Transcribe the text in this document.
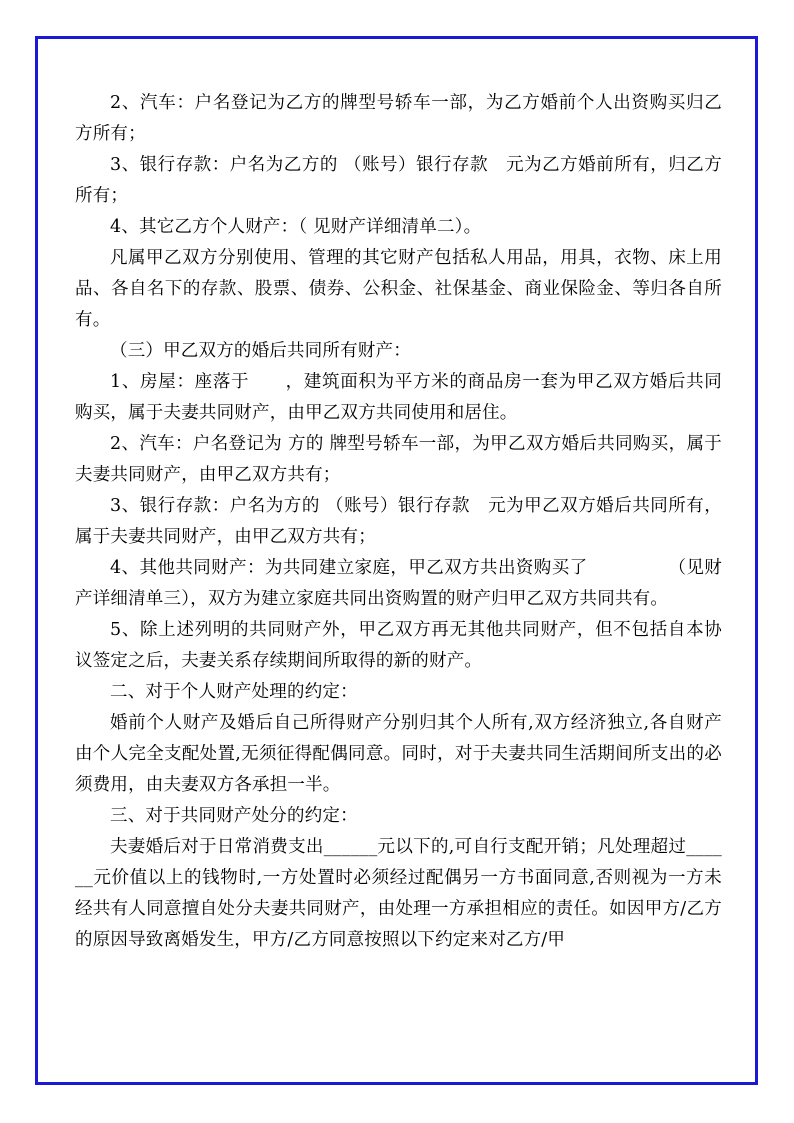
2、汽车：户名登记为乙方的牌型号轿车一部，为乙方婚前个人出资购买归乙方所有；

3、银行存款：户名为乙方的 （账号）银行存款　元为乙方婚前所有，归乙方所有；

4、其它乙方个人财产：（ 见财产详细清单二）。

凡属甲乙双方分别使用、管理的其它财产包括私人用品，用具，衣物、床上用品、各自名下的存款、股票、债券、公积金、社保基金、商业保险金、等归各自所有。

（三）甲乙双方的婚后共同所有财产：

1、房屋：座落于　　，建筑面积为平方米的商品房一套为甲乙双方婚后共同购买，属于夫妻共同财产，由甲乙双方共同使用和居住。

2、汽车：户名登记为 方的 牌型号轿车一部，为甲乙双方婚后共同购买，属于夫妻共同财产，由甲乙双方共有；

3、银行存款：户名为方的 （账号）银行存款　元为甲乙双方婚后共同所有，属于夫妻共同财产，由甲乙双方共有；

4、其他共同财产：为共同建立家庭，甲乙双方共出资购买了　　　　　（见财产详细清单三），双方为建立家庭共同出资购置的财产归甲乙双方共同共有。

5、除上述列明的共同财产外，甲乙双方再无其他共同财产，但不包括自本协议签定之后，夫妻关系存续期间所取得的新的财产。

二、对于个人财产处理的约定：

婚前个人财产及婚后自己所得财产分别归其个人所有,双方经济独立,各自财产由个人完全支配处置,无须征得配偶同意。同时，对于夫妻共同生活期间所支出的必须费用，由夫妻双方各承担一半。

三、对于共同财产处分的约定：

夫妻婚后对于日常消费支出______元以下的,可自行支配开销；凡处理超过______元价值以上的钱物时,一方处置时必须经过配偶另一方书面同意,否则视为一方未经共有人同意擅自处分夫妻共同财产，由处理一方承担相应的责任。如因甲方/乙方的原因导致离婚发生，甲方/乙方同意按照以下约定来对乙方/甲
